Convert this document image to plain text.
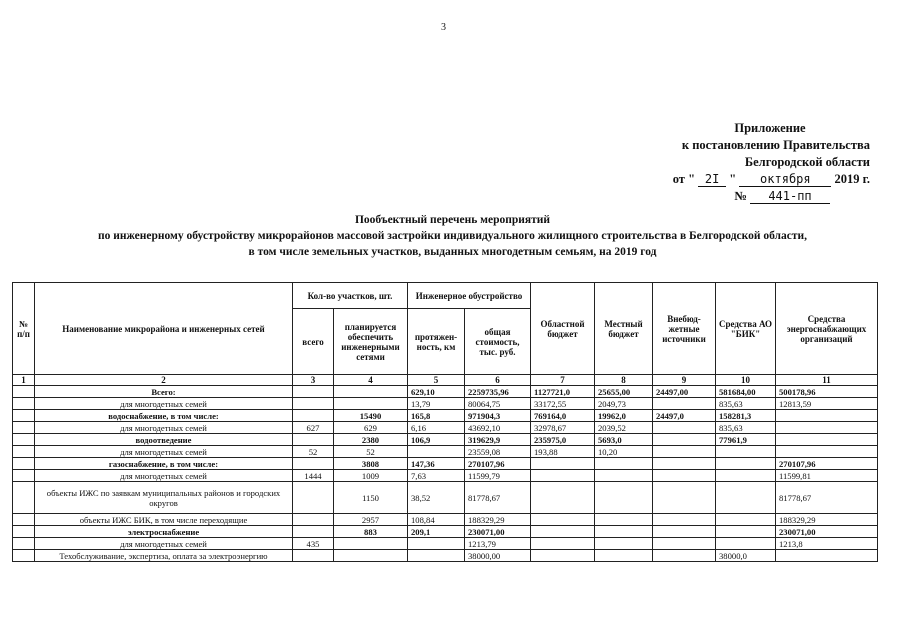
3
Приложение
к постановлению Правительства
Белгородской области
от " 2I " октября 2019 г.
№ 441-пп
Пообъектный перечень мероприятий
по инженерному обустройству микрорайонов массовой застройки индивидуального жилищного строительства в Белгородской области,
в том числе земельных участков, выданных многодетным семьям, на 2019 год
№ п/п	Наименование микрорайона и инженерных сетей	Кол-во участков, шт.		Инженерное обустройство		Областной бюджет	Местный бюджет	Внебюд-жетные источники	Средства АО "БИК"	Средства энергоснабжающих организаций
		всего	планируется обеспечить инженерными сетями	протяжен-ность, км	общая стоимость, тыс. руб.					
1	2	3	4	5	6	7	8	9	10	11
	Всего:			629,10	2259735,96	1127721,0	25655,00	24497,00	581684,00	500178,96
	для многодетных семей			13,79	80064,75	33172,55	2049,73		835,63	12813,59
	водоснабжение, в том числе:		15490	165,8	971904,3	769164,0	19962,0	24497,0	158281,3	
	для многодетных семей	627	629	6,16	43692,10	32978,67	2039,52		835,63	
	водоотведение		2380	106,9	319629,9	235975,0	5693,0		77961,9	
	для многодетных семей	52	52		23559,08	193,88	10,20			
	газоснабжение, в том числе:		3808	147,36	270107,96					270107,96
	для многодетных семей	1444	1009	7,63	11599,79					11599,81
	объекты ИЖС по заявкам муниципальных районов и городских округов		1150	38,52	81778,67					81778,67
	объекты ИЖС БИК, в том числе переходящие		2957	108,84	188329,29					188329,29
	электроснабжение		883	209,1	230071,00					230071,00
	для многодетных семей	435			1213,79					1213,8
	Техобслуживание, экспертиза, оплата за электроэнергию				38000,00				38000,0	
